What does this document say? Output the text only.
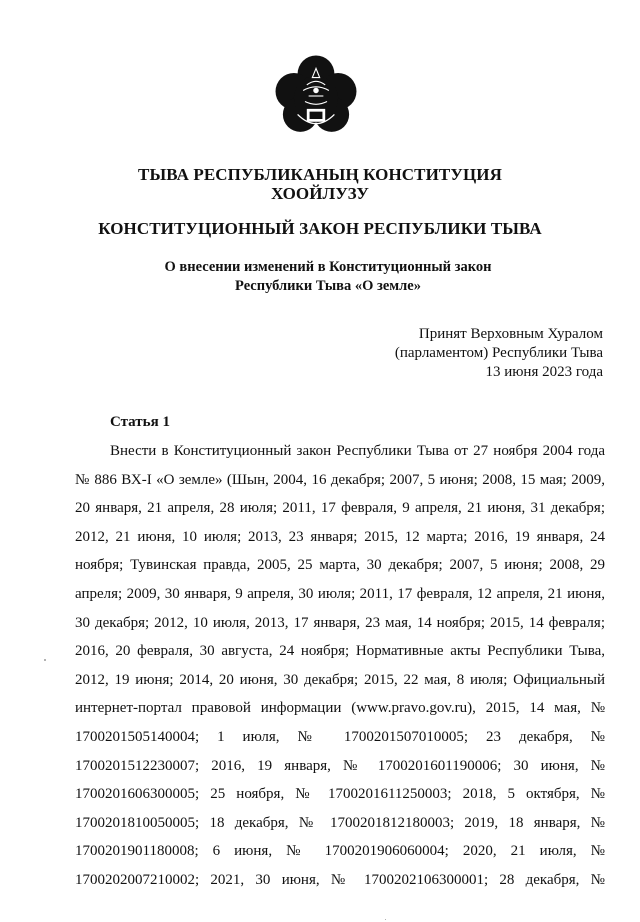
ТЫВА РЕСПУБЛИКАНЫҢ КОНСТИТУЦИЯ
ХООЙЛУЗУ
КОНСТИТУЦИОННЫЙ ЗАКОН РЕСПУБЛИКИ ТЫВА
О внесении изменений в Конституционный закон
Республики Тыва «О земле»
Принят Верховным Хуралом
(парламентом) Республики Тыва
13 июня 2023 года
Статья 1
Внести в Конституционный закон Республики Тыва от 27 ноября 2004 года
№ 886 ВХ-I «О земле» (Шын, 2004, 16 декабря; 2007, 5 июня; 2008, 15 мая; 2009,
20 января, 21 апреля, 28 июля; 2011, 17 февраля, 9 апреля, 21 июня, 31 декабря;
2012, 21 июня, 10 июля; 2013, 23 января; 2015, 12 марта; 2016, 19 января, 24
ноября; Тувинская правда, 2005, 25 марта, 30 декабря; 2007, 5 июня; 2008, 29
апреля; 2009, 30 января, 9 апреля, 30 июля; 2011, 17 февраля, 12 апреля, 21 июня,
30 декабря; 2012, 10 июля, 2013, 17 января, 23 мая, 14 ноября; 2015, 14 февраля;
2016, 20 февраля, 30 августа, 24 ноября; Нормативные акты Республики Тыва,
2012, 19 июня; 2014, 20 июня, 30 декабря; 2015, 22 мая, 8 июля; Официальный
интернет-портал правовой информации (www.pravo.gov.ru), 2015, 14 мая, №
1700201505140004; 1 июля, № 1700201507010005; 23 декабря, №
1700201512230007; 2016, 19 января, № 1700201601190006; 30 июня, №
1700201606300005; 25 ноября, № 1700201611250003; 2018, 5 октября, №
1700201810050005; 18 декабря, № 1700201812180003; 2019, 18 января, №
1700201901180008; 6 июня, № 1700201906060004; 2020, 21 июля, №
1700202007210002; 2021, 30 июня, № 1700202106300001; 28 декабря, №
